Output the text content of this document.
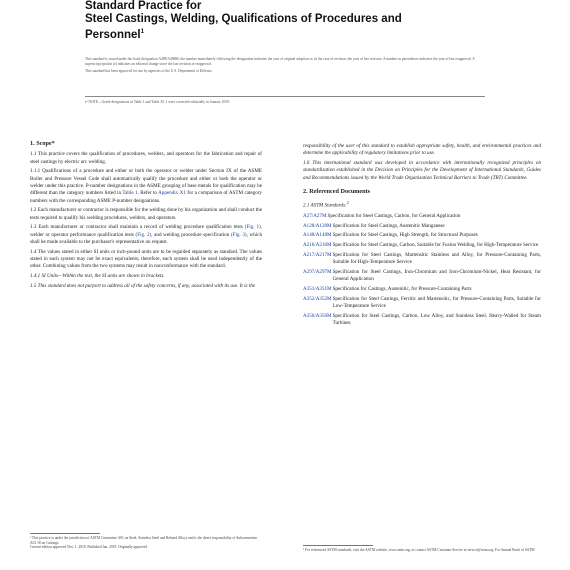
Standard Practice for
Steel Castings, Welding, Qualifications of Procedures and
Personnel$^1$

This standard is issued under the fixed designation A488/A488M; the number immediately following the designation indicates the year of original adoption or, in the case of revision, the year of last revision. A number in parentheses indicates the year of last reapproval. A superscript epsilon (ε) indicates an editorial change since the last revision or reapproval.

This standard has been approved for use by agencies of the U.S. Department of Defense.

ε¹ NOTE—Grade designations in Table 1 and Table X1.1 were corrected editorially in January 2019.

1. Scope*

1.1 This practice covers the qualification of procedures, welders, and operators for the fabrication and repair of steel castings by electric arc welding.

1.1.1 Qualifications of a procedure and either or both the operator or welder under Section IX of the ASME Boiler and Pressure Vessel Code shall automatically qualify the procedure and either or both the operator or welder under this practice. P-number designations in the ASME grouping of base metals for qualification may be different than the category numbers listed in Table 1. Refer to Appendix X1 for a comparison of ASTM category numbers with the corresponding ASME P-number designations.

1.2 Each manufacturer or contractor is responsible for the welding done by his organization and shall conduct the tests required to qualify his welding procedures, welders, and operators.

1.3 Each manufacturer or contractor shall maintain a record of welding procedure qualification tests (Fig. 1), welder or operator performance qualification tests (Fig. 2), and welding procedure specification (Fig. 3), which shall be made available to the purchaser's representative on request.

1.4 The values stated in either SI units or inch-pound units are to be regarded separately as standard. The values stated in each system may not be exact equivalents; therefore, each system shall be used independently of the other. Combining values from the two systems may result in nonconformance with the standard.

1.4.1 SI Units—Within the text, the SI units are shown in brackets.

1.5 This standard does not purport to address all of the safety concerns, if any, associated with its use. It is the

¹ This practice is under the jurisdiction of ASTM Committee A01 on Steel, Stainless Steel and Related Alloys and is the direct responsibility of Subcommittee A01.18 on Castings.
Current edition approved Nov. 1, 2018. Published Jan. 2019. Originally approved

responsibility of the user of this standard to establish appropriate safety, health, and environmental practices and determine the applicability of regulatory limitations prior to use.

1.6 This international standard was developed in accordance with internationally recognized principles on standardization established in the Decision on Principles for the Development of International Standards, Guides and Recommendations issued by the World Trade Organization Technical Barriers to Trade (TBT) Committee.

2. Referenced Documents

2.1 ASTM Standards:$^2$

A27/A27M Specification for Steel Castings, Carbon, for General Application
A128/A128M Specification for Steel Castings, Austenitic Manganese
A148/A148M Specification for Steel Castings, High Strength, for Structural Purposes
A216/A216M Specification for Steel Castings, Carbon, Suitable for Fusion Welding, for High-Temperature Service
A217/A217M Specification for Steel Castings, Martensitic Stainless and Alloy, for Pressure-Containing Parts, Suitable for High-Temperature Service
A297/A297M Specification for Steel Castings, Iron-Chromium and Iron-Chromium-Nickel, Heat Resistant, for General Application
A351/A351M Specification for Castings, Austenitic, for Pressure-Containing Parts
A352/A352M Specification for Steel Castings, Ferritic and Martensitic, for Pressure-Containing Parts, Suitable for Low-Temperature Service
A356/A356M Specification for Steel Castings, Carbon, Low Alloy, and Stainless Steel, Heavy-Walled for Steam Turbines
² For referenced ASTM standards, visit the ASTM website, www.astm.org, or contact ASTM Customer Service at service@astm.org. For Annual Book of ASTM
